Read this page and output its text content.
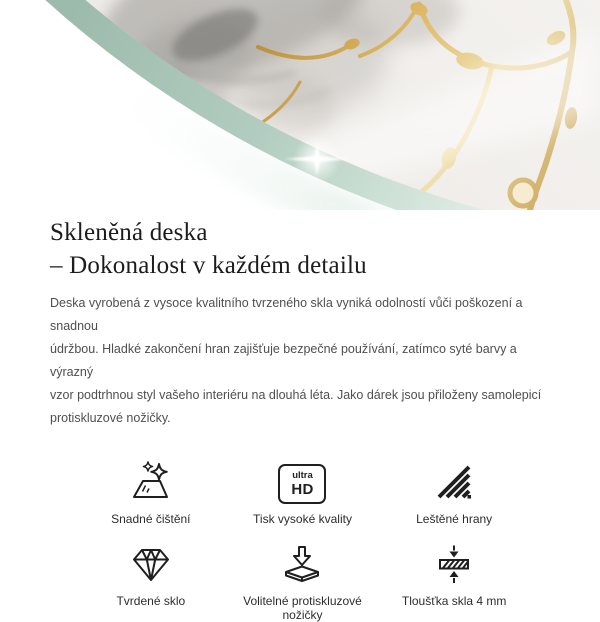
Skleněná deska
– Dokonalost v každém detailu
Deska vyrobená z vysoce kvalitního tvrzeného skla vyniká odolností vůči poškození a snadnou
údržbou. Hladké zakončení hran zajišťuje bezpečné používání, zatímco syté barvy a výrazný
vzor podtrhnou styl vašeho interiéru na dlouhá léta. Jako dárek jsou přiloženy samolepicí
protiskluzové nožičky.
Snadné čištění
ultra
HD
Tisk vysoké kvality	Leštěné hrany
Tvrdené sklo	Volitelné protiskluzové nožičky
Tloušťka skla 4 mm
